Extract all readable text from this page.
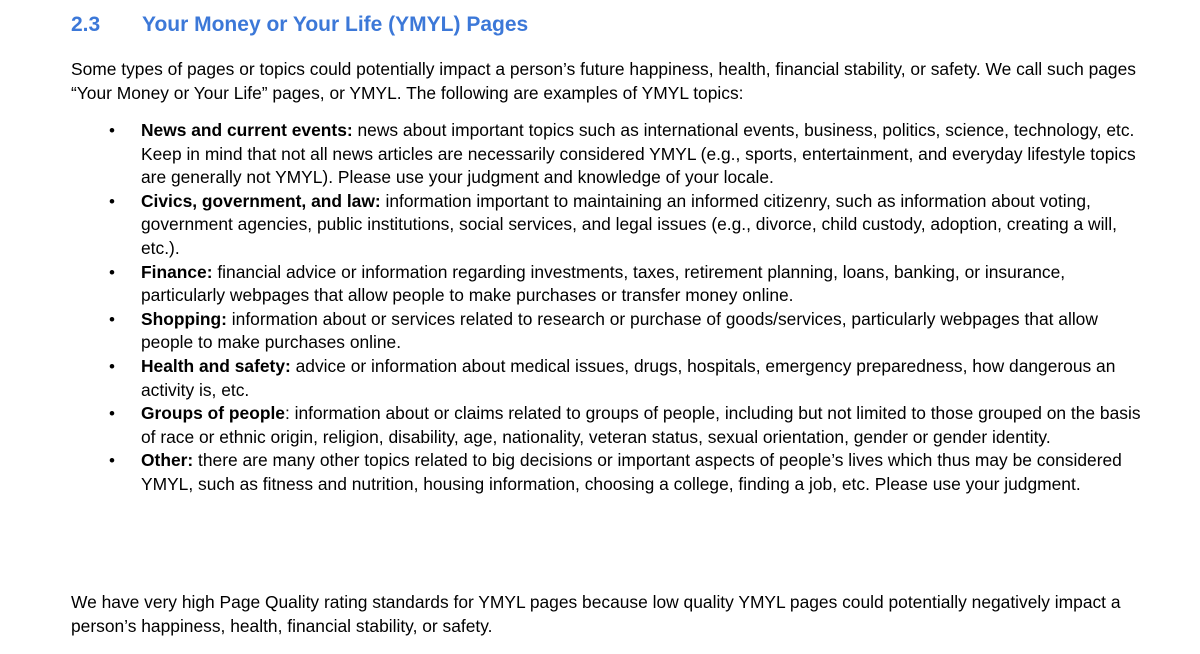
2.3 Your Money or Your Life (YMYL) Pages

Some types of pages or topics could potentially impact a person’s future happiness, health, financial stability, or safety. We call such pages “Your Money or Your Life” pages, or YMYL. The following are examples of YMYL topics:

• News and current events: news about important topics such as international events, business, politics, science, technology, etc. Keep in mind that not all news articles are necessarily considered YMYL (e.g., sports, entertainment, and everyday lifestyle topics are generally not YMYL). Please use your judgment and knowledge of your locale.
• Civics, government, and law: information important to maintaining an informed citizenry, such as information about voting, government agencies, public institutions, social services, and legal issues (e.g., divorce, child custody, adoption, creating a will, etc.).
• Finance: financial advice or information regarding investments, taxes, retirement planning, loans, banking, or insurance, particularly webpages that allow people to make purchases or transfer money online.
• Shopping: information about or services related to research or purchase of goods/services, particularly webpages that allow people to make purchases online.
• Health and safety: advice or information about medical issues, drugs, hospitals, emergency preparedness, how dangerous an activity is, etc.
• Groups of people: information about or claims related to groups of people, including but not limited to those grouped on the basis of race or ethnic origin, religion, disability, age, nationality, veteran status, sexual orientation, gender or gender identity.
• Other: there are many other topics related to big decisions or important aspects of people’s lives which thus may be considered YMYL, such as fitness and nutrition, housing information, choosing a college, finding a job, etc. Please use your judgment.

We have very high Page Quality rating standards for YMYL pages because low quality YMYL pages could potentially negatively impact a person’s happiness, health, financial stability, or safety.
